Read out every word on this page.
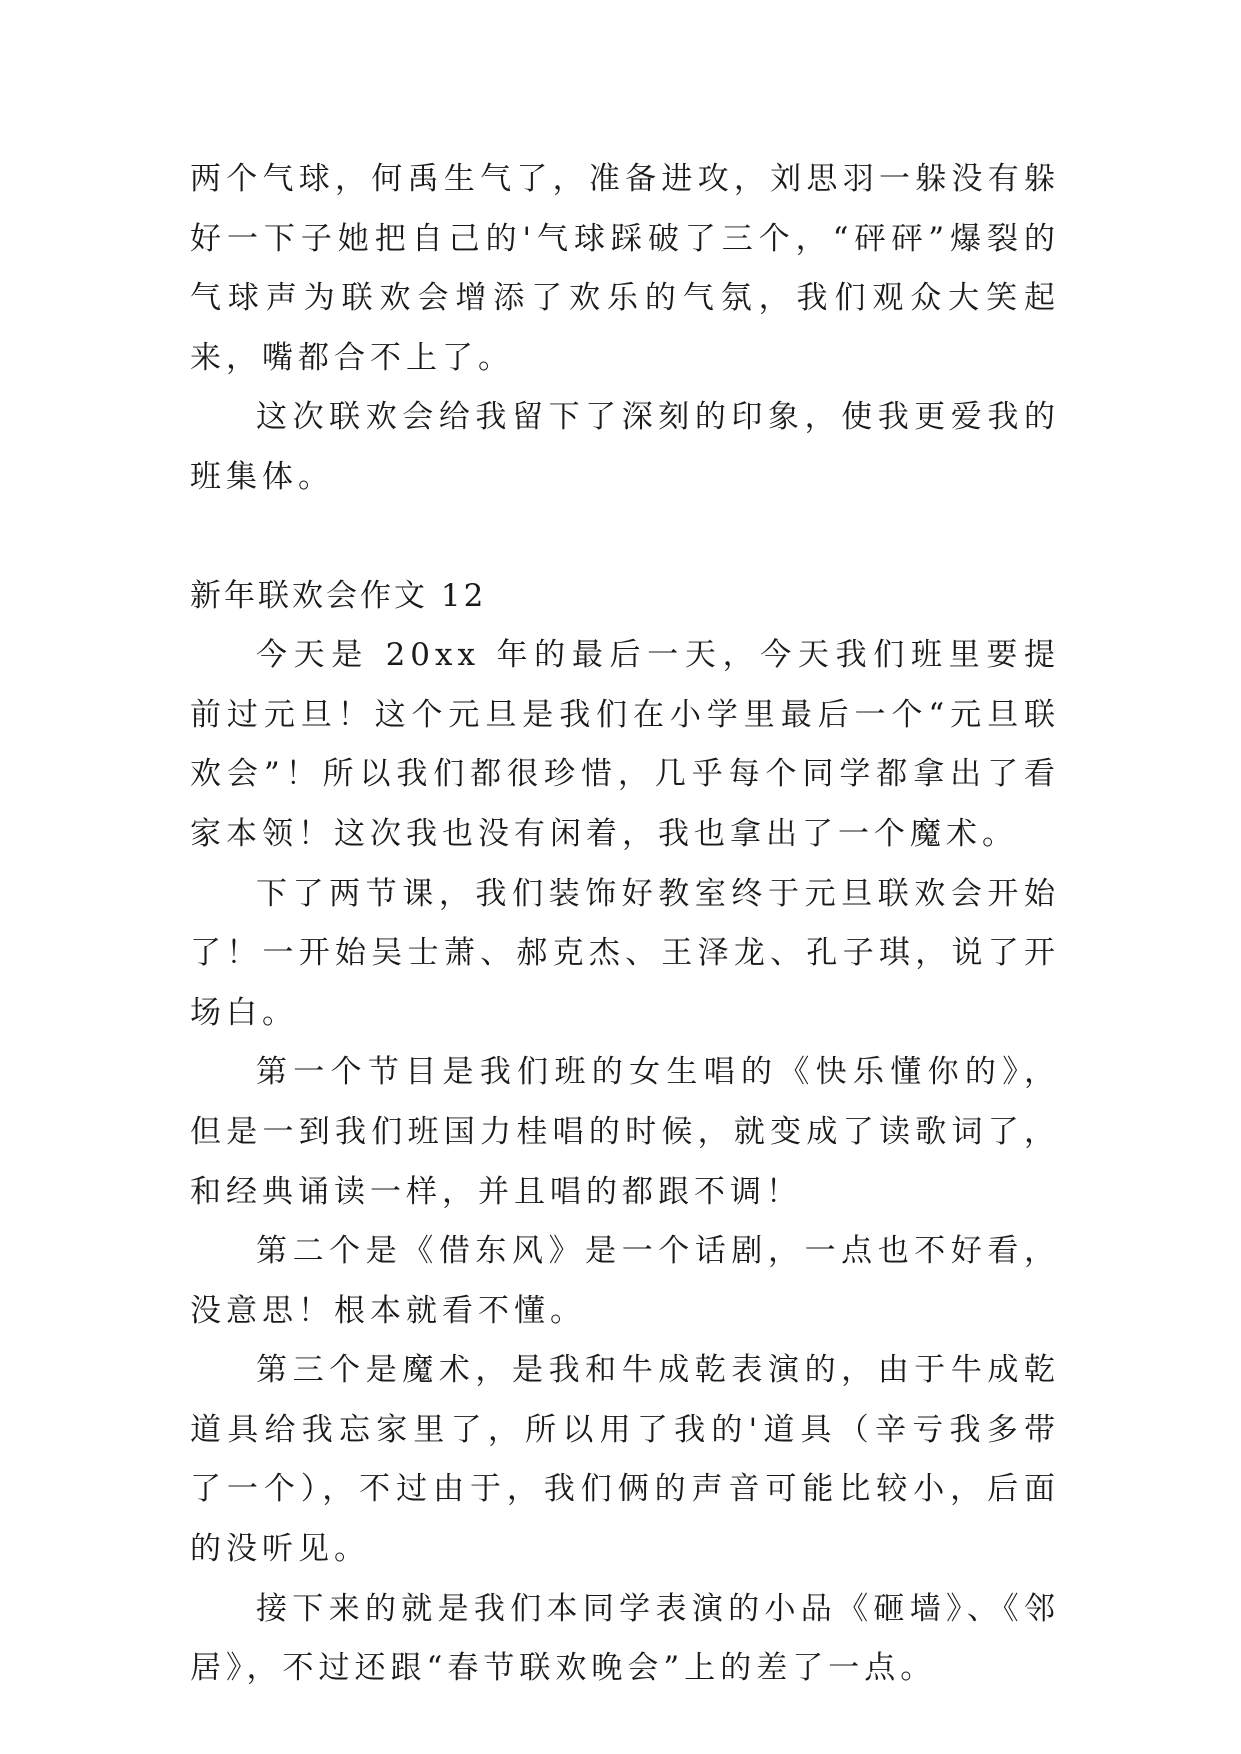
两个气球，何禹生气了，准备进攻，刘思羽一躲没有躲好一下子她把自己的'气球踩破了三个，“砰砰”爆裂的气球声为联欢会增添了欢乐的气氛，我们观众大笑起来，嘴都合不上了。

这次联欢会给我留下了深刻的印象，使我更爱我的班集体。

新年联欢会作文 12

今天是 20xx 年的最后一天，今天我们班里要提前过元旦！这个元旦是我们在小学里最后一个“元旦联欢会”！所以我们都很珍惜，几乎每个同学都拿出了看家本领！这次我也没有闲着，我也拿出了一个魔术。

下了两节课，我们装饰好教室终于元旦联欢会开始了！一开始吴士萧、郝克杰、王泽龙、孔子琪，说了开场白。

第一个节目是我们班的女生唱的《快乐懂你的》，但是一到我们班国力桂唱的时候，就变成了读歌词了，和经典诵读一样，并且唱的都跟不调！

第二个是《借东风》是一个话剧，一点也不好看，没意思！根本就看不懂。

第三个是魔术，是我和牛成乾表演的，由于牛成乾道具给我忘家里了，所以用了我的'道具（辛亏我多带了一个），不过由于，我们俩的声音可能比较小，后面的没听见。

接下来的就是我们本同学表演的小品《砸墙》、《邻居》，不过还跟“春节联欢晚会”上的差了一点。
